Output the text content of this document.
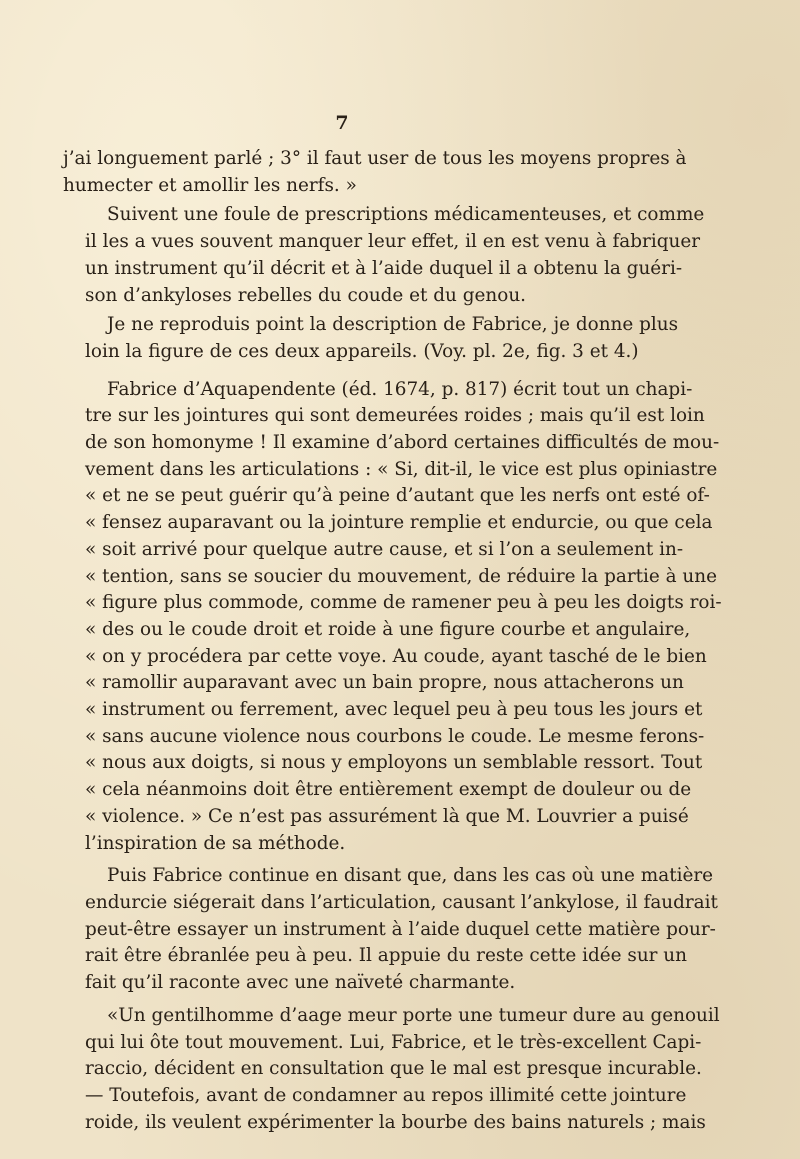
7

j’ai longuement parlé ; 3° il faut user de tous les moyens propres à
humecter et amollir les nerfs. »

Suivent une foule de prescriptions médicamenteuses, et comme
il les a vues souvent manquer leur effet, il en est venu à fabriquer
un instrument qu’il décrit et à l’aide duquel il a obtenu la guéri-
son d’ankyloses rebelles du coude et du genou.

Je ne reproduis point la description de Fabrice, je donne plus
loin la figure de ces deux appareils. (Voy. pl. 2e, fig. 3 et 4.)

Fabrice d’Aquapendente (éd. 1674, p. 817) écrit tout un chapi-
tre sur les jointures qui sont demeurées roides ; mais qu’il est loin
de son homonyme ! Il examine d’abord certaines difficultés de mou-
vement dans les articulations : « Si, dit-il, le vice est plus opiniastre
« et ne se peut guérir qu’à peine d’autant que les nerfs ont esté of-
« fensez auparavant ou la jointure remplie et endurcie, ou que cela
« soit arrivé pour quelque autre cause, et si l’on a seulement in-
« tention, sans se soucier du mouvement, de réduire la partie à une
« figure plus commode, comme de ramener peu à peu les doigts roi-
« des ou le coude droit et roide à une figure courbe et angulaire,
« on y procédera par cette voye. Au coude, ayant tasché de le bien
« ramollir auparavant avec un bain propre, nous attacherons un
« instrument ou ferrement, avec lequel peu à peu tous les jours et
« sans aucune violence nous courbons le coude. Le mesme ferons-
« nous aux doigts, si nous y employons un semblable ressort. Tout
« cela néanmoins doit être entièrement exempt de douleur ou de
« violence. » Ce n’est pas assurément là que M. Louvrier a puisé
l’inspiration de sa méthode.

Puis Fabrice continue en disant que, dans les cas où une matière
endurcie siégerait dans l’articulation, causant l’ankylose, il faudrait
peut-être essayer un instrument à l’aide duquel cette matière pour-
rait être ébranlée peu à peu. Il appuie du reste cette idée sur un
fait qu’il raconte avec une naïveté charmante.

«Un gentilhomme d’aage meur porte une tumeur dure au genouil
qui lui ôte tout mouvement. Lui, Fabrice, et le très-excellent Capi-
raccio, décident en consultation que le mal est presque incurable.
— Toutefois, avant de condamner au repos illimité cette jointure
roide, ils veulent expérimenter la bourbe des bains naturels ; mais
